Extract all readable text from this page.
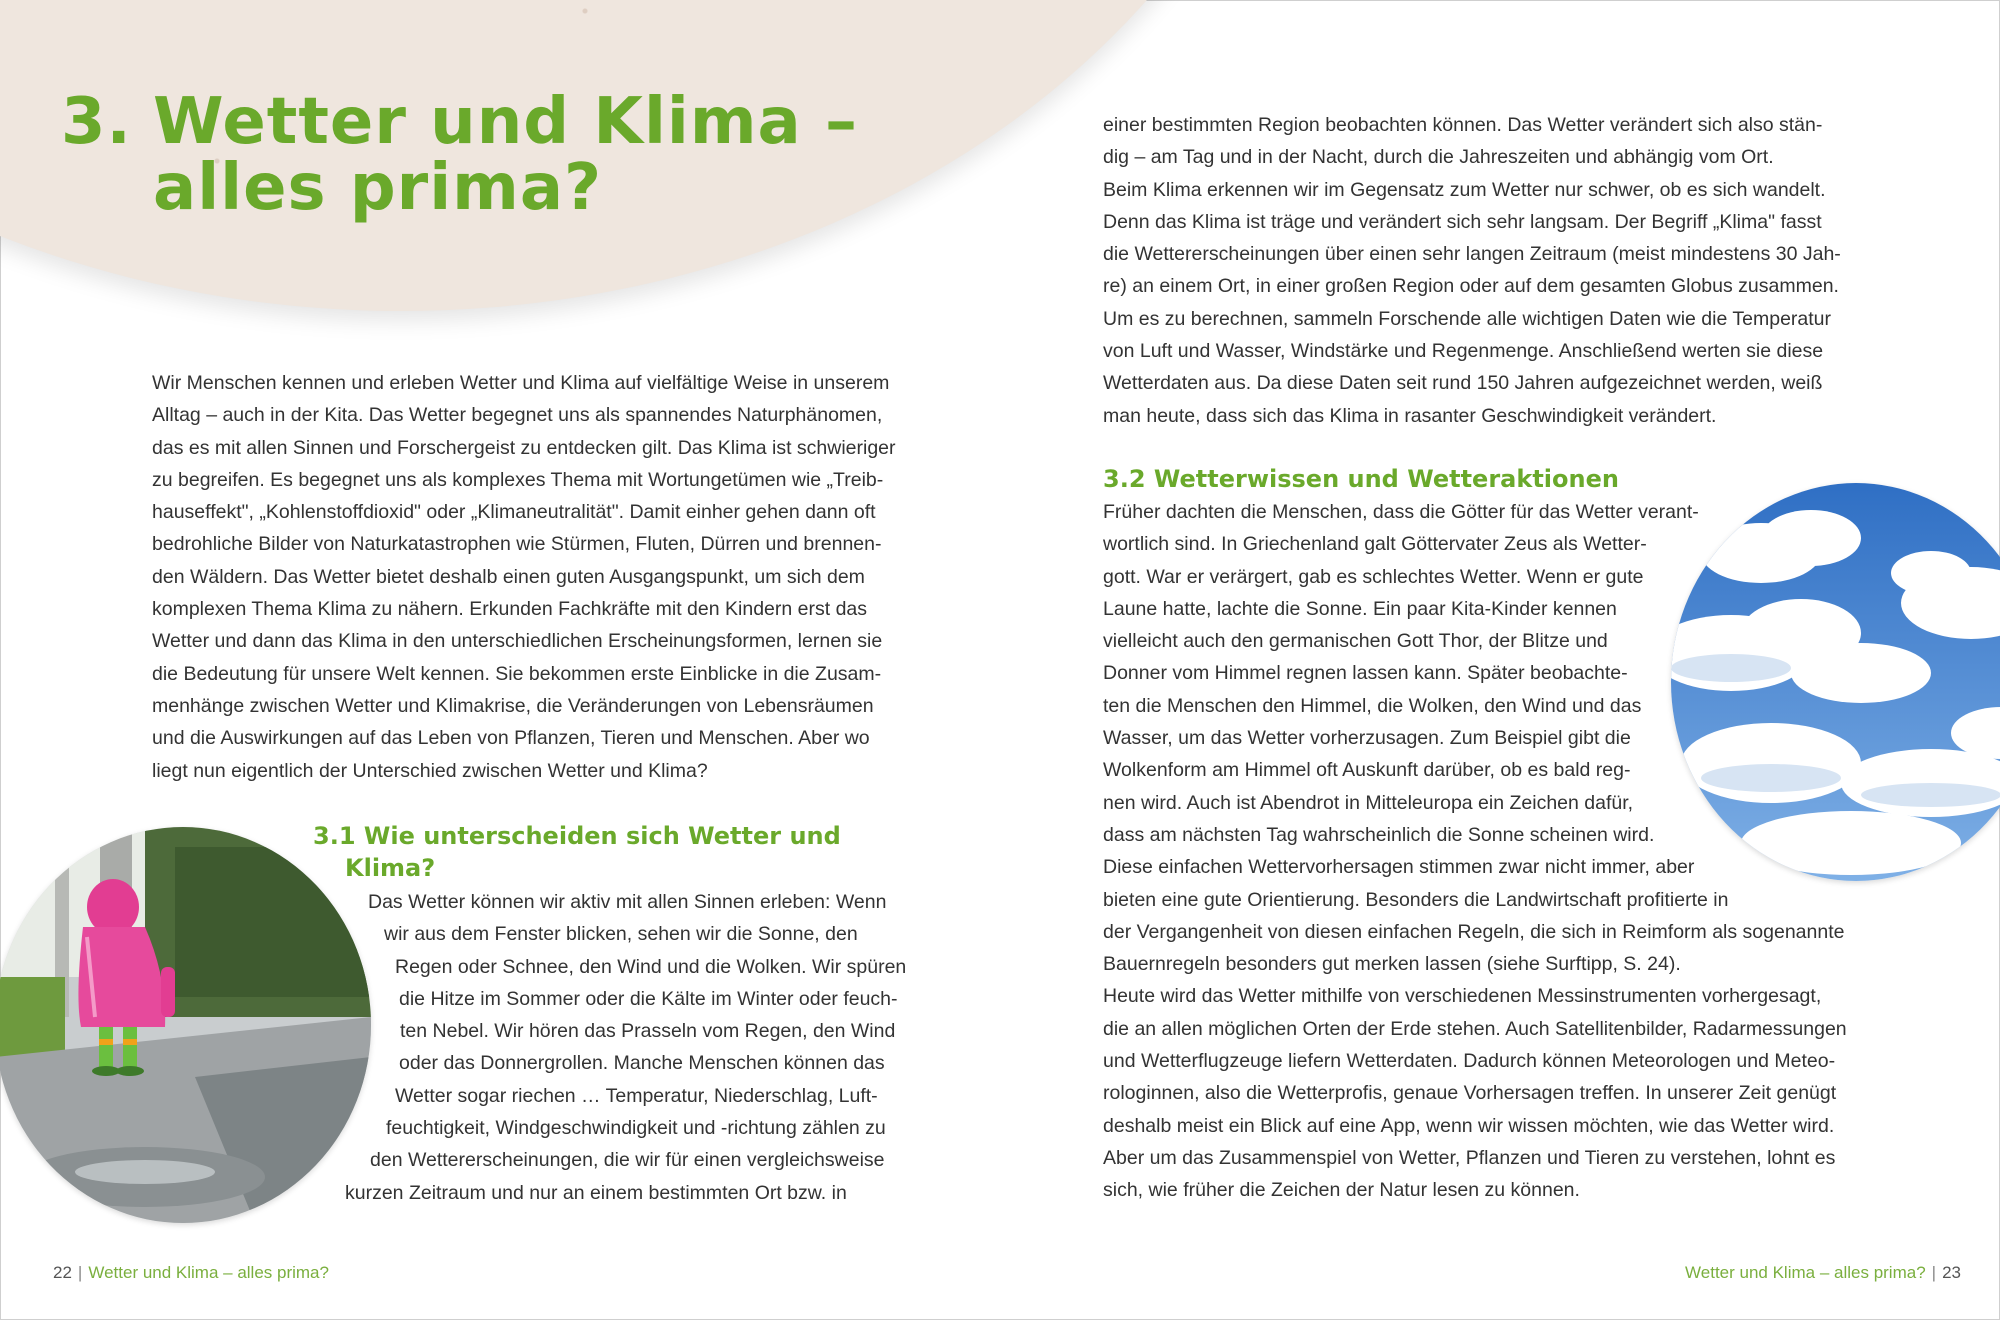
3. Wetter und Klima –
alles prima?

Wir Menschen kennen und erleben Wetter und Klima auf vielfältige Weise in unserem
Alltag – auch in der Kita. Das Wetter begegnet uns als spannendes Naturphänomen,
das es mit allen Sinnen und Forschergeist zu entdecken gilt. Das Klima ist schwieriger
zu begreifen. Es begegnet uns als komplexes Thema mit Wortungetümen wie „Treib-
hauseffekt", „Kohlenstoffdioxid" oder „Klimaneutralität". Damit einher gehen dann oft
bedrohliche Bilder von Naturkatastrophen wie Stürmen, Fluten, Dürren und brennen-
den Wäldern. Das Wetter bietet deshalb einen guten Ausgangspunkt, um sich dem
komplexen Thema Klima zu nähern. Erkunden Fachkräfte mit den Kindern erst das
Wetter und dann das Klima in den unterschiedlichen Erscheinungsformen, lernen sie
die Bedeutung für unsere Welt kennen. Sie bekommen erste Einblicke in die Zusam-
menhänge zwischen Wetter und Klimakrise, die Veränderungen von Lebensräumen
und die Auswirkungen auf das Leben von Pflanzen, Tieren und Menschen. Aber wo
liegt nun eigentlich der Unterschied zwischen Wetter und Klima?

3.1 Wie unterscheiden sich Wetter und
Klima?

Das Wetter können wir aktiv mit allen Sinnen erleben: Wenn
wir aus dem Fenster blicken, sehen wir die Sonne, den
Regen oder Schnee, den Wind und die Wolken. Wir spüren
die Hitze im Sommer oder die Kälte im Winter oder feuch-
ten Nebel. Wir hören das Prasseln vom Regen, den Wind
oder das Donnergrollen. Manche Menschen können das
Wetter sogar riechen … Temperatur, Niederschlag, Luft-
feuchtigkeit, Windgeschwindigkeit und -richtung zählen zu
den Wettererscheinungen, die wir für einen vergleichsweise
kurzen Zeitraum und nur an einem bestimmten Ort bzw. in

einer bestimmten Region beobachten können. Das Wetter verändert sich also stän-
dig – am Tag und in der Nacht, durch die Jahreszeiten und abhängig vom Ort.
Beim Klima erkennen wir im Gegensatz zum Wetter nur schwer, ob es sich wandelt.
Denn das Klima ist träge und verändert sich sehr langsam. Der Begriff „Klima" fasst
die Wettererscheinungen über einen sehr langen Zeitraum (meist mindestens 30 Jah-
re) an einem Ort, in einer großen Region oder auf dem gesamten Globus zusammen.
Um es zu berechnen, sammeln Forschende alle wichtigen Daten wie die Temperatur
von Luft und Wasser, Windstärke und Regenmenge. Anschließend werten sie diese
Wetterdaten aus. Da diese Daten seit rund 150 Jahren aufgezeichnet werden, weiß
man heute, dass sich das Klima in rasanter Geschwindigkeit verändert.

3.2 Wetterwissen und Wetteraktionen

Früher dachten die Menschen, dass die Götter für das Wetter verant-
wortlich sind. In Griechenland galt Göttervater Zeus als Wetter-
gott. War er verärgert, gab es schlechtes Wetter. Wenn er gute
Laune hatte, lachte die Sonne. Ein paar Kita-Kinder kennen
vielleicht auch den germanischen Gott Thor, der Blitze und
Donner vom Himmel regnen lassen kann. Später beobachte-
ten die Menschen den Himmel, die Wolken, den Wind und das
Wasser, um das Wetter vorherzusagen. Zum Beispiel gibt die
Wolkenform am Himmel oft Auskunft darüber, ob es bald reg-
nen wird. Auch ist Abendrot in Mitteleuropa ein Zeichen dafür,
dass am nächsten Tag wahrscheinlich die Sonne scheinen wird.
Diese einfachen Wettervorhersagen stimmen zwar nicht immer, aber
bieten eine gute Orientierung. Besonders die Landwirtschaft profitierte in
der Vergangenheit von diesen einfachen Regeln, die sich in Reimform als sogenannte
Bauernregeln besonders gut merken lassen (siehe Surftipp, S. 24).
Heute wird das Wetter mithilfe von verschiedenen Messinstrumenten vorhergesagt,
die an allen möglichen Orten der Erde stehen. Auch Satellitenbilder, Radarmessungen
und Wetterflugzeuge liefern Wetterdaten. Dadurch können Meteorologen und Meteo-
rologinnen, also die Wetterprofis, genaue Vorhersagen treffen. In unserer Zeit genügt
deshalb meist ein Blick auf eine App, wenn wir wissen möchten, wie das Wetter wird.
Aber um das Zusammenspiel von Wetter, Pflanzen und Tieren zu verstehen, lohnt es
sich, wie früher die Zeichen der Natur lesen zu können.

22 | Wetter und Klima – alles prima?	Wetter und Klima – alles prima? | 23
